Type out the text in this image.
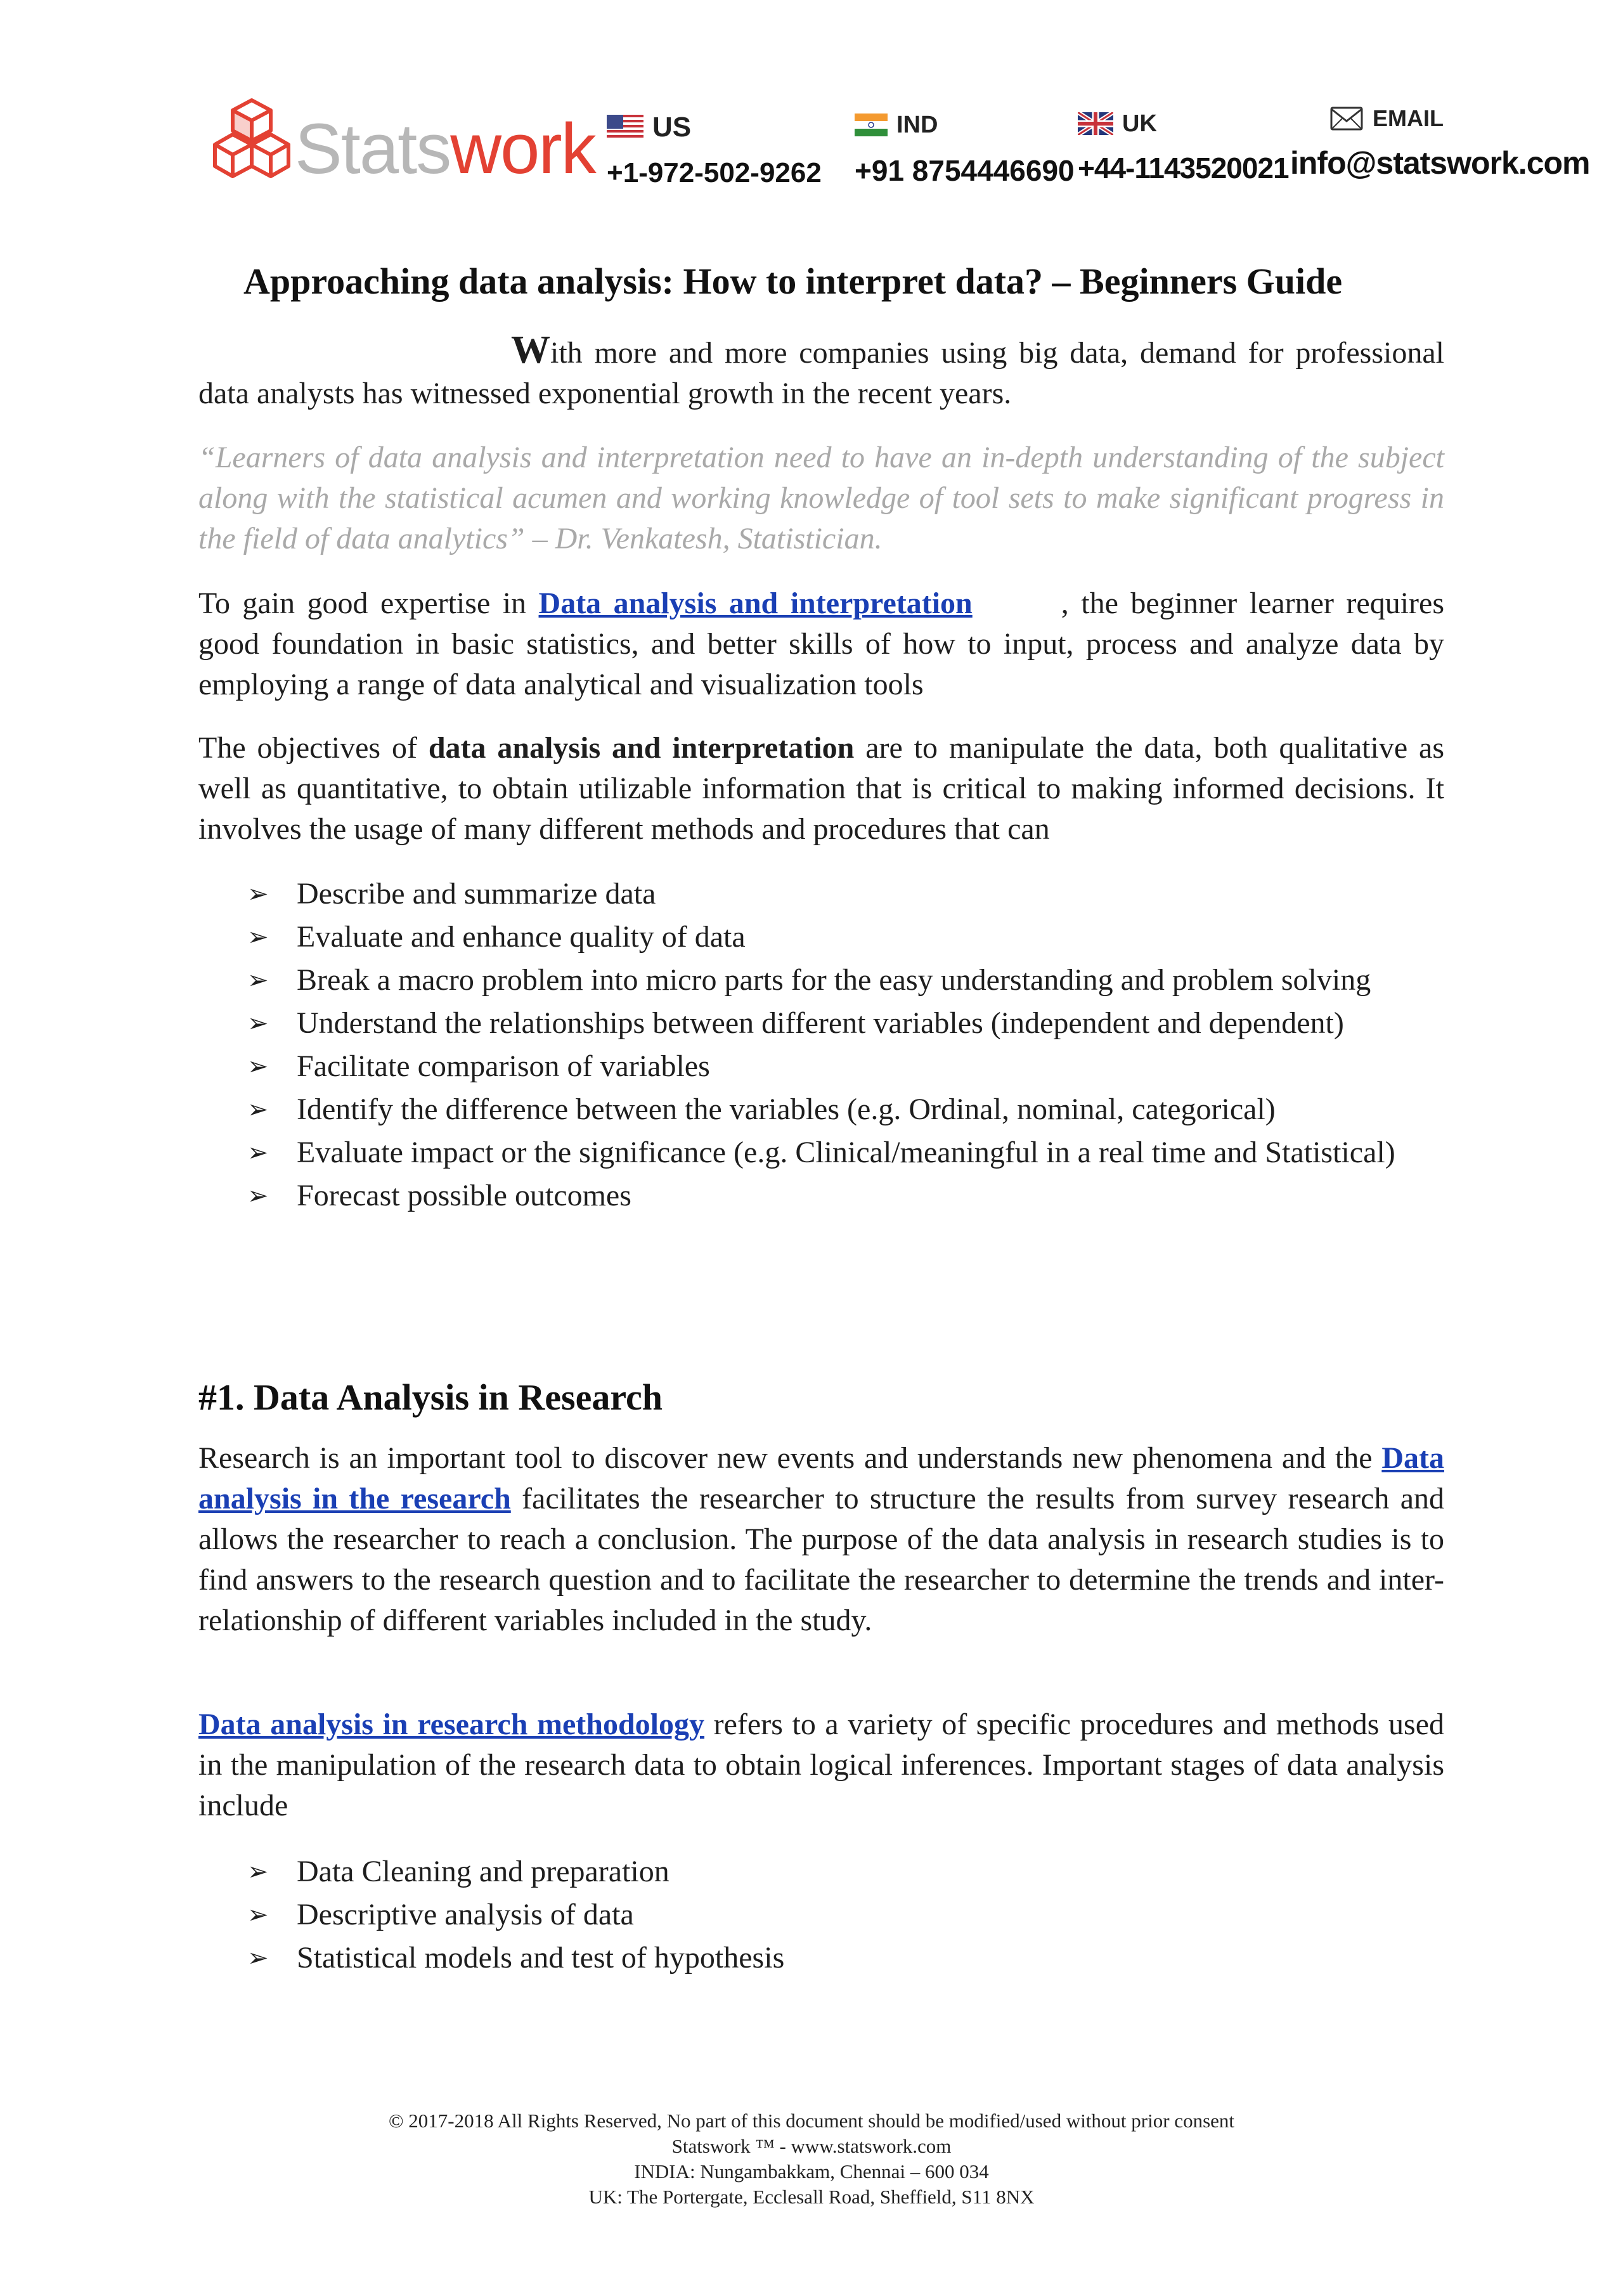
Statswork US
+1-972-502-9262
IND
+91 8754446690
UK
+44-1143520021
EMAIL
info@statswork.com
Approaching data analysis: How to interpret data? – Beginners Guide
With more and more companies using big data, demand for professional data analysts has witnessed exponential growth in the recent years.
“Learners of data analysis and interpretation need to have an in-depth understanding of the subject along with the statistical acumen and working knowledge of tool sets to make significant progress in the field of data analytics” – Dr. Venkatesh, Statistician.
To gain good expertise in Data analysis and interpretation	, the beginner learner requires good foundation in basic statistics, and better skills of how to input, process and analyze data by employing a range of data analytical and visualization tools
The objectives of data analysis and interpretation are to manipulate the data, both qualitative as well as quantitative, to obtain utilizable information that is critical to making informed decisions. It involves the usage of many different methods and procedures that can
➢ Describe and summarize data
➢ Evaluate and enhance quality of data
➢ Break a macro problem into micro parts for the easy understanding and problem solving
➢ Understand the relationships between different variables (independent and dependent)
➢ Facilitate comparison of variables
➢ Identify the difference between the variables (e.g. Ordinal, nominal, categorical)
➢ Evaluate impact or the significance (e.g. Clinical/meaningful in a real time and Statistical)
➢ Forecast possible outcomes
#1. Data Analysis in Research
Research is an important tool to discover new events and understands new phenomena and the Data analysis in the research facilitates the researcher to structure the results from survey research and allows the researcher to reach a conclusion. The purpose of the data analysis in research studies is to find answers to the research question and to facilitate the researcher to determine the trends and inter-relationship of different variables included in the study.
Data analysis in research methodology refers to a variety of specific procedures and methods used in the manipulation of the research data to obtain logical inferences. Important stages of data analysis include
➢ Data Cleaning and preparation
➢ Descriptive analysis of data
➢ Statistical models and test of hypothesis
© 2017-2018 All Rights Reserved, No part of this document should be modified/used without prior consent
Statswork ™ - www.statswork.com
INDIA: Nungambakkam, Chennai – 600 034
UK: The Portergate, Ecclesall Road, Sheffield, S11 8NX
